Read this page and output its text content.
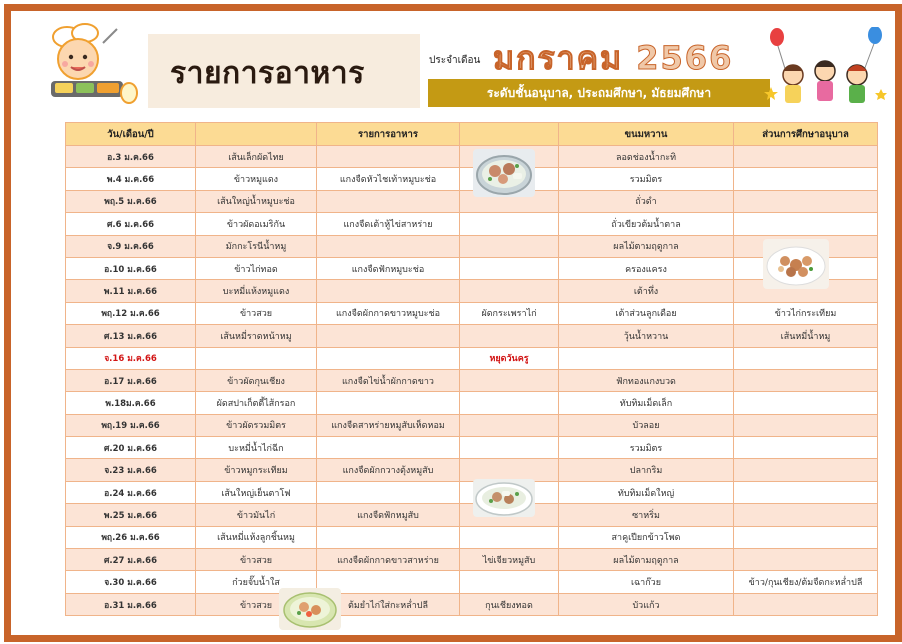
รายการอาหาร	ประจำเดือน มกราคม 2566
ระดับชั้นอนุบาล, ประถมศึกษา, มัธยมศึกษา
วัน/เดือน/ปี		รายการอาหาร		ขนมหวาน	ส่วนการศึกษาอนุบาล
อ.3 ม.ค.66	เส้นเล็กผัดไทย			ลอดช่องน้ำกะทิ	
พ.4 ม.ค.66	ข้าวหมูแดง	แกงจืดหัวไชเท้าหมูบะช่อ		รวมมิตร	
พฤ.5 ม.ค.66	เส้นใหญ่น้ำหมูบะช่อ			ถั่วดำ	
ศ.6 ม.ค.66	ข้าวผัดอเมริกัน	แกงจืดเต้าหู้ไข่สาหร่าย		ถั่วเขียวต้มน้ำตาล	
จ.9 ม.ค.66	มักกะโรนีน้ำหมู			ผลไม้ตามฤดูกาล	
อ.10 ม.ค.66	ข้าวไก่ทอด	แกงจืดฟักหมูบะช่อ		ครองแครง	
พ.11 ม.ค.66	บะหมี่แห้งหมูแดง			เต้าทึ่ง	
พฤ.12 ม.ค.66	ข้าวสวย	แกงจืดผักกาดขาวหมูบะช่อ	ผัดกระเพราไก่	เต้าส่วนลูกเดือย	ข้าวไก่กระเทียม
ศ.13 ม.ค.66	เส้นหมี่ราดหน้าหมู			วุ้นน้ำหวาน	เส้นหมี่น้ำหมู
จ.16 ม.ค.66			หยุดวันครู		
อ.17 ม.ค.66	ข้าวผัดกุนเชียง	แกงจืดไข่น้ำผักกาดขาว		ฟักทองแกงบวด	
พ.18ม.ค.66	ผัดสปาเก็ตตี้ไส้กรอก			ทับทิมเม็ดเล็ก	
พฤ.19 ม.ค.66	ข้าวผัดรวมมิตร	แกงจืดสาหร่ายหมูสับเห็ดหอม		บัวลอย	
ศ.20 ม.ค.66	บะหมี่น้ำไก่ฉีก			รวมมิตร	
จ.23 ม.ค.66	ข้าวหมูกระเทียม	แกงจืดผักกวางตุ้งหมูสับ		ปลากริม	
อ.24 ม.ค.66	เส้นใหญ่เย็นตาโฟ			ทับทิมเม็ดใหญ่	
พ.25 ม.ค.66	ข้าวมันไก่	แกงจืดฟักหมูสับ		ซาหริ่ม	
พฤ.26 ม.ค.66	เส้นหมี่แห้งลูกชิ้นหมู			สาคูเปียกข้าวโพด	
ศ.27 ม.ค.66	ข้าวสวย	แกงจืดผักกาดขาวสาหร่าย	ไข่เจียวหมูสับ	ผลไม้ตามฤดูกาล	
จ.30 ม.ค.66	ก๋วยจั๊บน้ำใส			เฉาก๊วย	ข้าว/กุนเชียง/ต้มจืดกะหล่ำปลี
อ.31 ม.ค.66	ข้าวสวย	ต้มยำไก่ใส่กะหล่ำปลี	กุนเชียงทอด	บัวแก้ว	
